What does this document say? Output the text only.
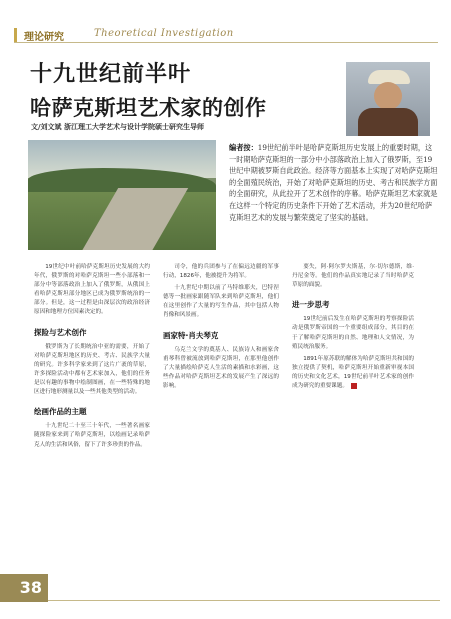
理论研究	Theoretical Investigation
十九世纪前半叶
哈萨克斯坦艺术家的创作
文/刘文斌 浙江理工大学艺术与设计学院硕士研究生导师
编者按：19世纪前半叶是哈萨克斯坦历史发展上的重要时期，这一时期哈萨克斯坦的一部分中小部落政治上加入了俄罗斯，至19世纪中期被罗斯自此政治。经济等方面基本上实现了对哈萨克斯坦的全面殖民统治，开始了对哈萨克斯坦的历史、考古和民族学方面的全面研究，从此拉开了艺术创作的序幕。哈萨克斯坦艺术家就是在这样一个特定的历史条件下开始了艺术活动，并为20世纪哈萨克斯坦艺术的发展与繁荣奠定了坚实的基础。

19世纪中叶前哈萨克斯坦历史发展的大约年代，俄罗斯的对哈萨克斯坦一些小部落和一部分中等部落政治上加入了俄罗斯，从俄国上看哈萨克斯坦部分地区已成为俄罗斯统治的一部分。但是，这一过程是由深层次的政治经济原因和地理方位因素决定的。

探险与艺术创作

俄罗斯为了长期统治中亚的需要，开始了对哈萨克斯坦地区的历史、考古、民族学大量的研究。许多科学家来到了这片广袤的草原，许多探险活动中都有艺术家加入，他们的任务是以有趣的事物中绘制图画，在一些特殊的地区进行地形测量以及一些其他类型的活动。

绘画作品的主题

十九世纪二十至三十年代，一些著名画家随探险家来到了哈萨克斯坦，以绘画记录哈萨克人的生活和风俗，留下了许多珍贵的作品。

司令，他的兵团参与了在偏远边疆的军事行动，1826年，他被提升为将军。

十九世纪中期以前了马特维耶夫，巴特涅德等一批画家跟随军队来到哈萨克斯坦，他们在这里创作了大量的写生作品，其中包括人物肖像和风景画。

画家特·肖夫琴克

乌克兰文学的奠基人、民族诗人和画家舍甫琴科曾被流放到哈萨克斯坦，在那里他创作了大量描绘哈萨克人生活的素描和水彩画，这些作品对哈萨克斯坦艺术的发展产生了深远的影响。

要失，阿·阿尔罗夫斯基，尔·切尔德斯，维·丹尼金等。他们的作品真实地记录了当时哈萨克草原的面貌。

进一步思考

19世纪前后发生在哈萨克斯坦的考察探险活动是俄罗斯帝国的一个重要组成部分，其目的在于了解哈萨克斯坦的自然、地理和人文情况，为殖民统治服务。

1891年原苏联的解体为哈萨克斯坦共和国的独立提供了契机，哈萨克斯坦开始重新审视本国的历史和文化艺术，19世纪前半叶艺术家的创作成为研究的重要课题。

38
